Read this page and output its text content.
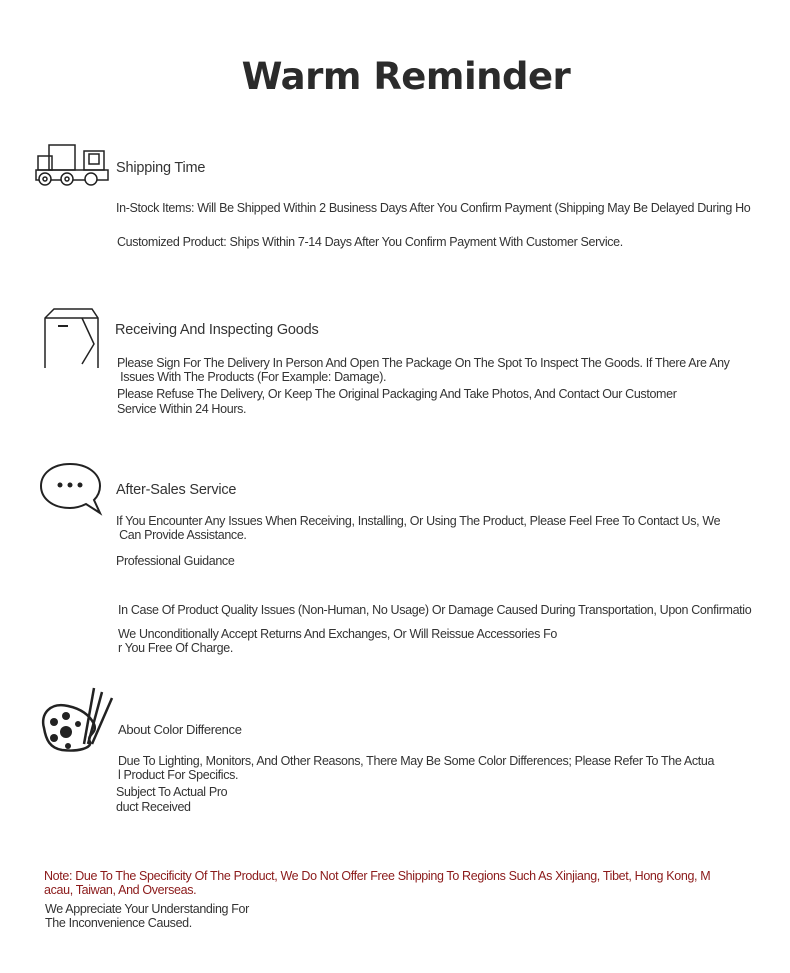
Warm Reminder
Shipping Time
In-Stock Items: Will Be Shipped Within 2 Business Days After You Confirm Payment (Shipping May Be Delayed During Ho
Customized Product: Ships Within 7-14 Days After You Confirm Payment With Customer Service.
Receiving And Inspecting Goods
Please Sign For The Delivery In Person And Open The Package On The Spot To Inspect The Goods. If There Are Any
Issues With The Products (For Example: Damage).
Please Refuse The Delivery, Or Keep The Original Packaging And Take Photos, And Contact Our Customer
Service Within 24 Hours.
After-Sales Service
If You Encounter Any Issues When Receiving, Installing, Or Using The Product, Please Feel Free To Contact Us, We
Can Provide Assistance.
Professional Guidance
In Case Of Product Quality Issues (Non-Human, No Usage) Or Damage Caused During Transportation, Upon Confirmatio
We Unconditionally Accept Returns And Exchanges, Or Will Reissue Accessories Fo
r You Free Of Charge.
About Color Difference
Due To Lighting, Monitors, And Other Reasons, There May Be Some Color Differences; Please Refer To The Actua
l Product For Specifics.
Subject To Actual Pro
duct Received
Note: Due To The Specificity Of The Product, We Do Not Offer Free Shipping To Regions Such As Xinjiang, Tibet, Hong Kong, M
acau, Taiwan, And Overseas.
We Appreciate Your Understanding For
The Inconvenience Caused.
